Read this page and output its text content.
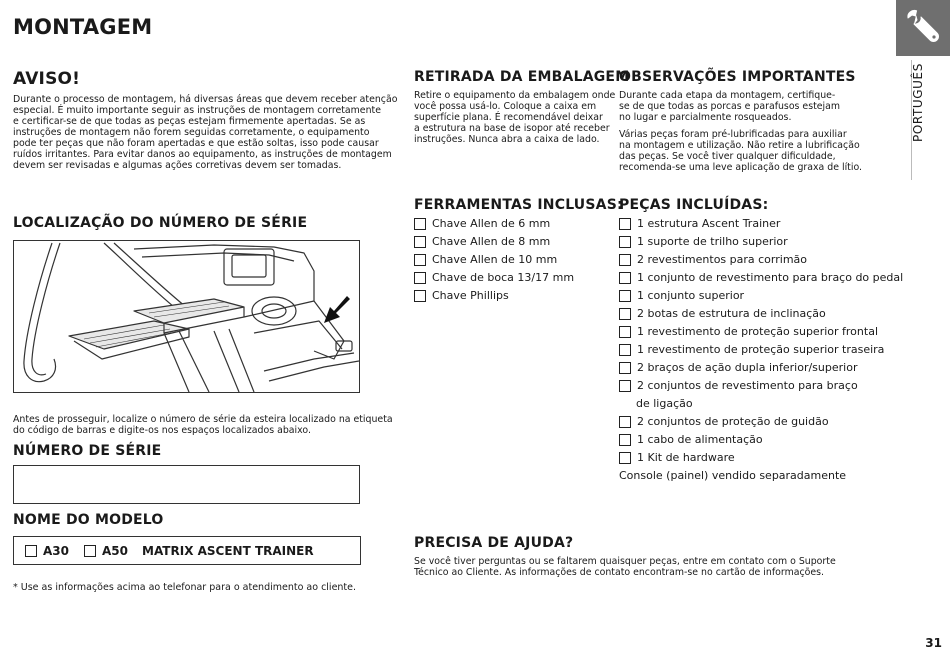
MONTAGEM
PORTUGUÊS
AVISO!
Durante o processo de montagem, há diversas áreas que devem receber atenção
especial. É muito importante seguir as instruções de montagem corretamente
e certificar-se de que todas as peças estejam firmemente apertadas. Se as
instruções de montagem não forem seguidas corretamente, o equipamento
pode ter peças que não foram apertadas e que estão soltas, isso pode causar
ruídos irritantes. Para evitar danos ao equipamento, as instruções de montagem
devem ser revisadas e algumas ações corretivas devem ser tomadas.
RETIRADA DA EMBALAGEM
Retire o equipamento da embalagem onde
você possa usá-lo. Coloque a caixa em
superfície plana. É recomendável deixar
a estrutura na base de isopor até receber
instruções. Nunca abra a caixa de lado.
OBSERVAÇÕES IMPORTANTES
Durante cada etapa da montagem, certifique-
se de que todas as porcas e parafusos estejam
no lugar e parcialmente rosqueados.
Várias peças foram pré-lubrificadas para auxiliar
na montagem e utilização. Não retire a lubrificação
das peças. Se você tiver qualquer dificuldade,
recomenda-se uma leve aplicação de graxa de lítio.
LOCALIZAÇÃO DO NÚMERO DE SÉRIE
Antes de prosseguir, localize o número de série da esteira localizado na etiqueta
do código de barras e digite-os nos espaços localizados abaixo.
NÚMERO DE SÉRIE
NOME DO MODELO
A30	A50 MATRIX ASCENT TRAINER
* Use as informações acima ao telefonar para o atendimento ao cliente.
FERRAMENTAS INCLUSAS:
Chave Allen de 6 mm
Chave Allen de 8 mm
Chave Allen de 10 mm
Chave de boca 13/17 mm
Chave Phillips
PEÇAS INCLUÍDAS:
1 estrutura Ascent Trainer
1 suporte de trilho superior
2 revestimentos para corrimão
1 conjunto de revestimento para braço do pedal
1 conjunto superior
2 botas de estrutura de inclinação
1 revestimento de proteção superior frontal
1 revestimento de proteção superior traseira
2 braços de ação dupla inferior/superior
2 conjuntos de revestimento para braço
de ligação
2 conjuntos de proteção de guidão
1 cabo de alimentação
1 Kit de hardware
Console (painel) vendido separadamente
PRECISA DE AJUDA?
Se você tiver perguntas ou se faltarem quaisquer peças, entre em contato com o Suporte
Técnico ao Cliente. As informações de contato encontram-se no cartão de informações.
31
